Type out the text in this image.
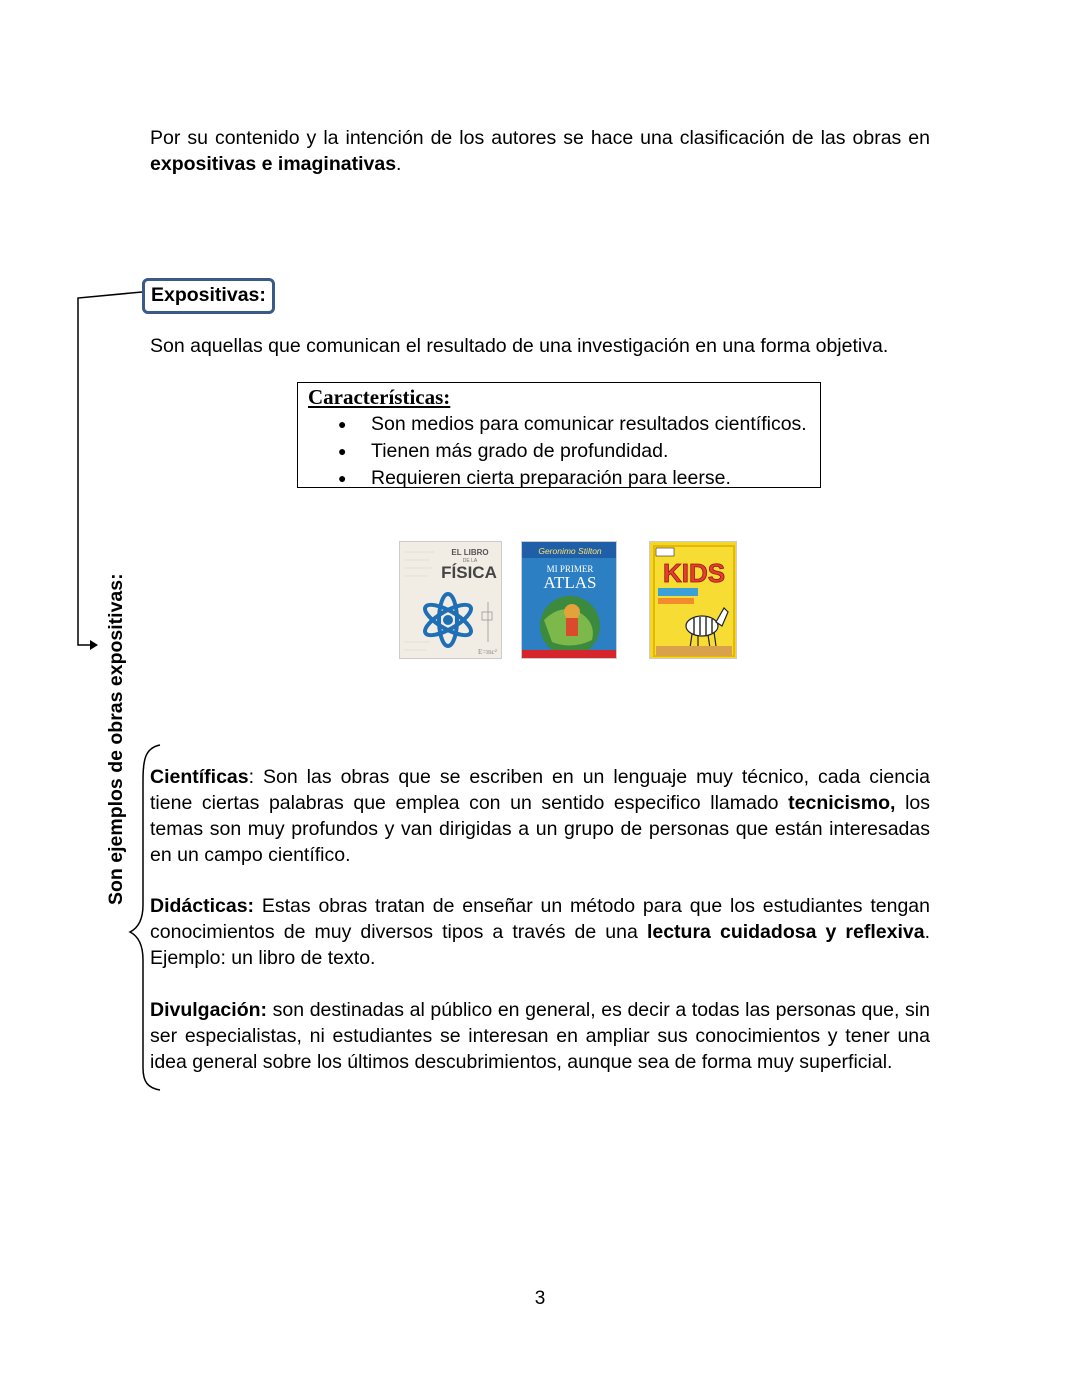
Por su contenido y la intención de los autores se hace una clasificación de las obras en expositivas e imaginativas.
Expositivas:
Son aquellas que comunican el resultado de una investigación en una forma objetiva.
Características:
● Son medios para comunicar resultados científicos.
● Tienen más grado de profundidad.
● Requieren cierta preparación para leerse.
EL LIBRO
DE LA
FÍSICA
E=mc²
Geronimo Stilton
MI PRIMER
ATLAS	KIDS
Son ejemplos de obras expositivas: Científicas: Son las obras que se escriben en un lenguaje muy técnico, cada ciencia tiene ciertas palabras que emplea con un sentido especifico llamado tecnicismo, los temas son muy profundos y van dirigidas a un grupo de personas que están interesadas en un campo científico.
Didácticas: Estas obras tratan de enseñar un método para que los estudiantes tengan conocimientos de muy diversos tipos a través de una lectura cuidadosa y reflexiva. Ejemplo: un libro de texto.
Divulgación: son destinadas al público en general, es decir a todas las personas que, sin ser especialistas, ni estudiantes se interesan en ampliar sus conocimientos y tener una idea general sobre los últimos descubrimientos, aunque sea de forma muy superficial.
3
